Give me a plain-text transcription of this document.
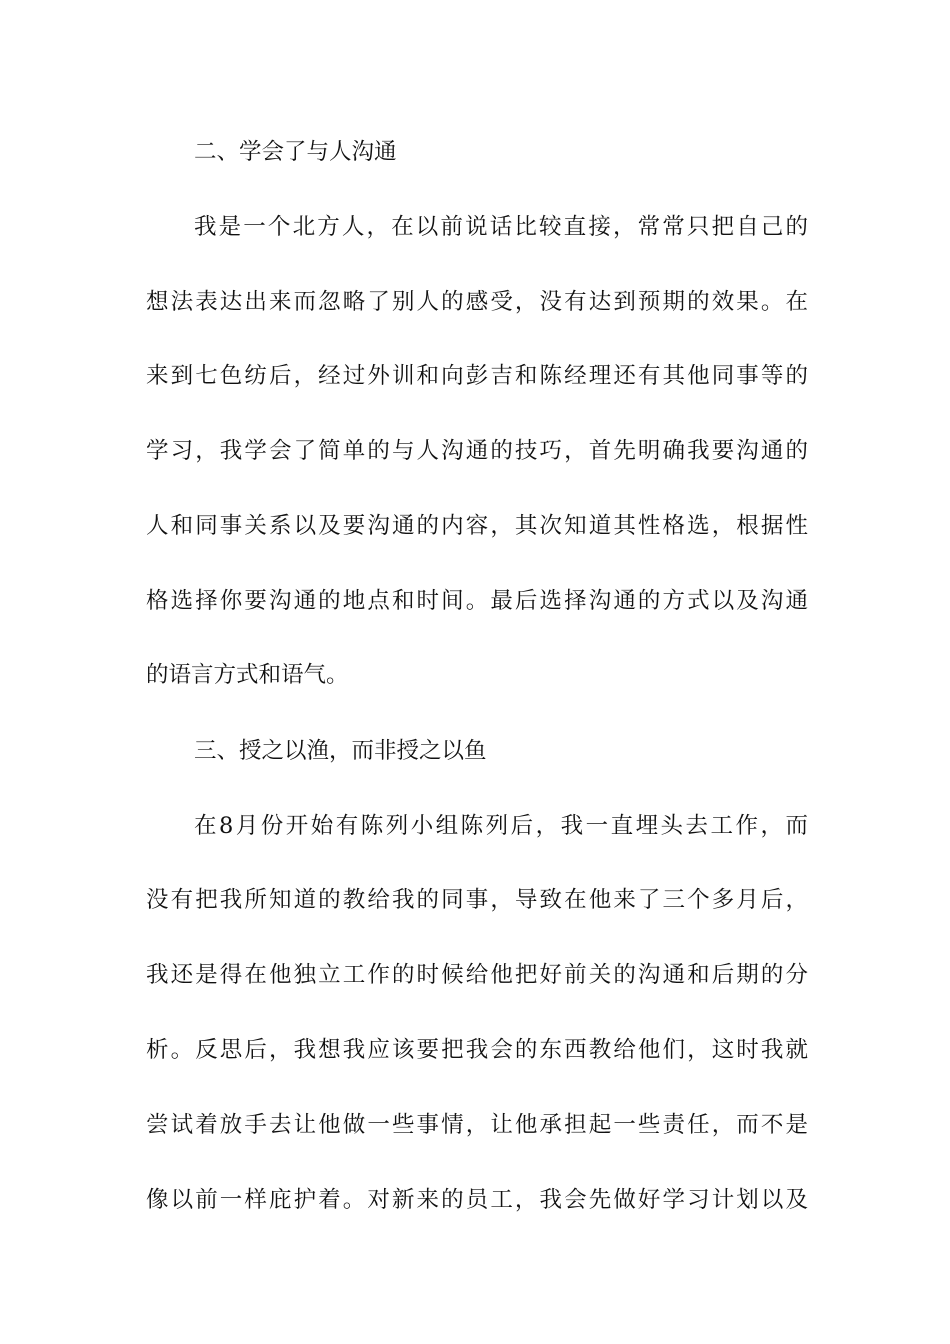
二、学会了与人沟通
我是一个北方人，在以前说话比较直接，常常只把自己的
想法表达出来而忽略了别人的感受，没有达到预期的效果。在
来到七色纺后，经过外训和向彭吉和陈经理还有其他同事等的
学习，我学会了简单的与人沟通的技巧，首先明确我要沟通的
人和同事关系以及要沟通的内容，其次知道其性格选，根据性
格选择你要沟通的地点和时间。最后选择沟通的方式以及沟通
的语言方式和语气。
三、授之以渔，而非授之以鱼
在8月份开始有陈列小组陈列后，我一直埋头去工作，而
没有把我所知道的教给我的同事，导致在他来了三个多月后，
我还是得在他独立工作的时候给他把好前关的沟通和后期的分
析。反思后，我想我应该要把我会的东西教给他们，这时我就
尝试着放手去让他做一些事情，让他承担起一些责任，而不是
像以前一样庇护着。对新来的员工，我会先做好学习计划以及
